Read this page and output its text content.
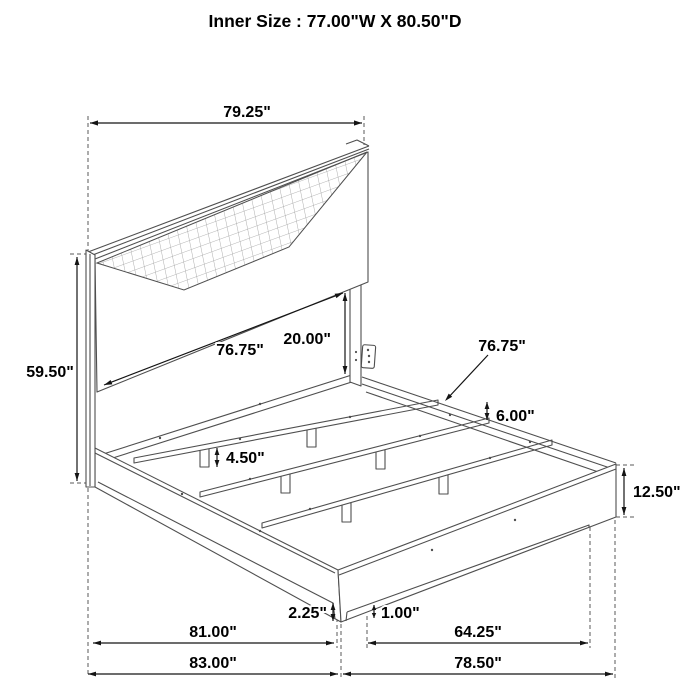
79.25"
59.50"
76.75"
20.00"	76.75"
6.00"
4.50"
12.50"
2.25"	1.00"
81.00"
83.00"
64.25"
78.50"
Inner Size : 77.00"W X 80.50"D
